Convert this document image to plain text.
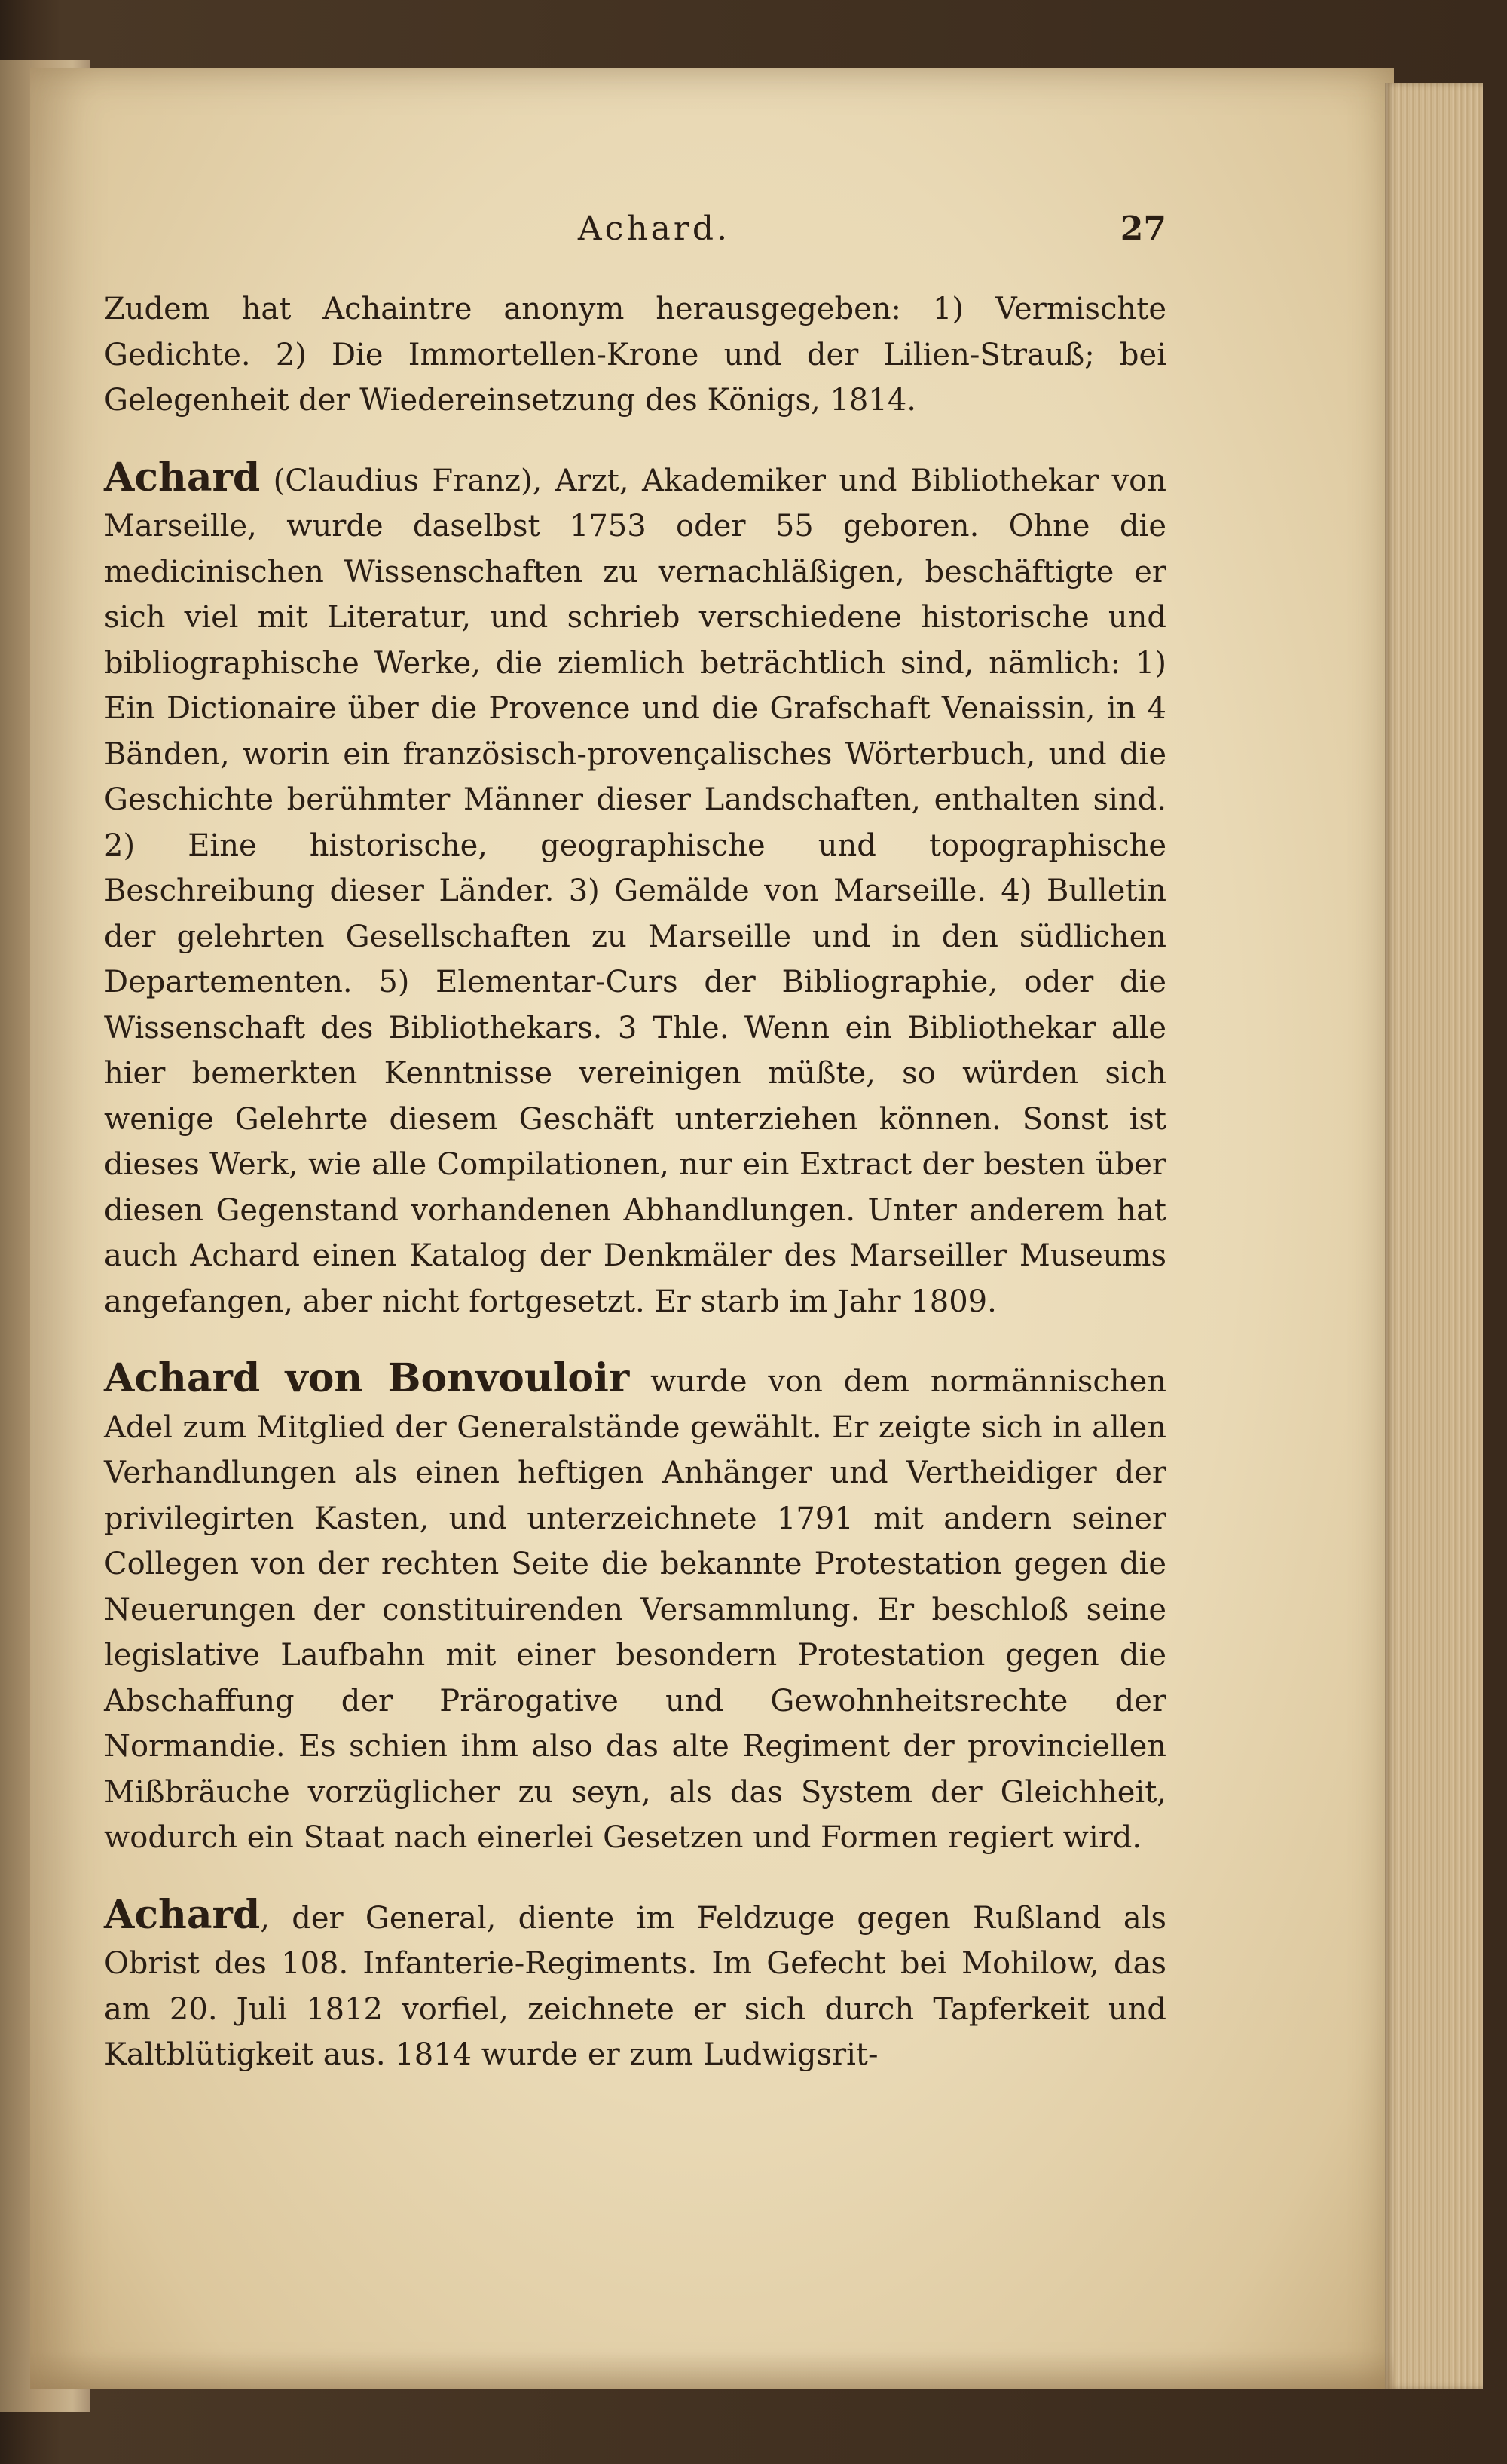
Achard.	27

Zudem hat Achaintre anonym herausgegeben: 1) Vermischte Gedichte. 2) Die Immortellen-Krone und der Lilien-Strauß; bei Gelegenheit der Wiedereinsetzung des Königs, 1814.

Achard (Claudius Franz), Arzt, Akademiker und Bibliothekar von Marseille, wurde daselbst 1753 oder 55 geboren. Ohne die medicinischen Wissenschaften zu vernachläßigen, beschäftigte er sich viel mit Literatur, und schrieb verschiedene historische und bibliographische Werke, die ziemlich beträchtlich sind, nämlich: 1) Ein Dictionaire über die Provence und die Grafschaft Venaissin, in 4 Bänden, worin ein französisch-provençalisches Wörterbuch, und die Geschichte berühmter Männer dieser Landschaften, enthalten sind. 2) Eine historische, geographische und topographische Beschreibung dieser Länder. 3) Gemälde von Marseille. 4) Bulletin der gelehrten Gesellschaften zu Marseille und in den südlichen Departementen. 5) Elementar-Curs der Bibliographie, oder die Wissenschaft des Bibliothekars. 3 Thle. Wenn ein Bibliothekar alle hier bemerkten Kenntnisse vereinigen müßte, so würden sich wenige Gelehrte diesem Geschäft unterziehen können. Sonst ist dieses Werk, wie alle Compilationen, nur ein Extract der besten über diesen Gegenstand vorhandenen Abhandlungen. Unter anderem hat auch Achard einen Katalog der Denkmäler des Marseiller Museums angefangen, aber nicht fortgesetzt. Er starb im Jahr 1809.

Achard von Bonvouloir wurde von dem normännischen Adel zum Mitglied der Generalstände gewählt. Er zeigte sich in allen Verhandlungen als einen heftigen Anhänger und Vertheidiger der privilegirten Kasten, und unterzeichnete 1791 mit andern seiner Collegen von der rechten Seite die bekannte Protestation gegen die Neuerungen der constituirenden Versammlung. Er beschloß seine legislative Laufbahn mit einer besondern Protestation gegen die Abschaffung der Prärogative und Gewohnheitsrechte der Normandie. Es schien ihm also das alte Regiment der provinciellen Mißbräuche vorzüglicher zu seyn, als das System der Gleichheit, wodurch ein Staat nach einerlei Gesetzen und Formen regiert wird.

Achard, der General, diente im Feldzuge gegen Rußland als Obrist des 108. Infanterie-Regiments. Im Gefecht bei Mohilow, das am 20. Juli 1812 vorfiel, zeichnete er sich durch Tapferkeit und Kaltblütigkeit aus. 1814 wurde er zum Ludwigsrit-
